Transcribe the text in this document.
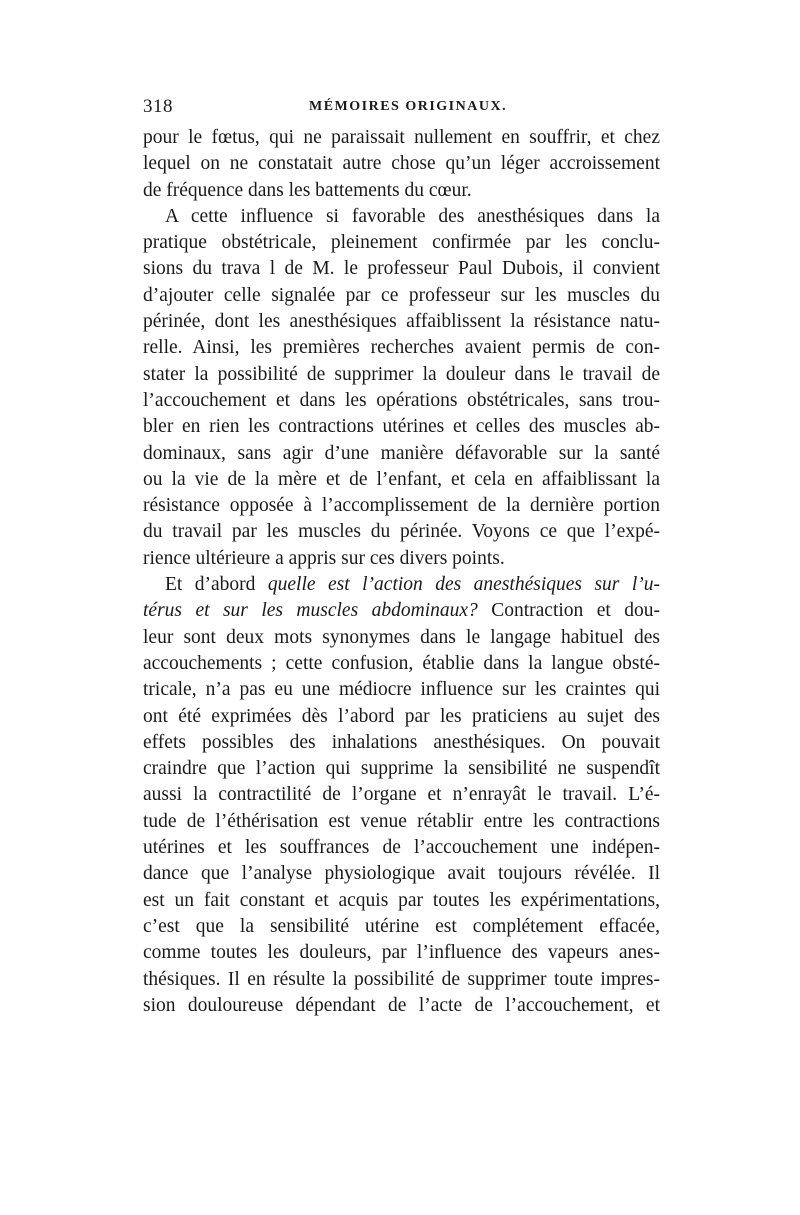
318	MÉMOIRES ORIGINAUX.
pour le fœtus, qui ne paraissait nullement en souffrir, et chez
lequel on ne constatait autre chose qu’un léger accroissement
de fréquence dans les battements du cœur.
A cette influence si favorable des anesthésiques dans la
pratique obstétricale, pleinement confirmée par les conclu-
sions du trava l de M. le professeur Paul Dubois, il convient
d’ajouter celle signalée par ce professeur sur les muscles du
périnée, dont les anesthésiques affaiblissent la résistance natu-
relle. Ainsi, les premières recherches avaient permis de con-
stater la possibilité de supprimer la douleur dans le travail de
l’accouchement et dans les opérations obstétricales, sans trou-
bler en rien les contractions utérines et celles des muscles ab-
dominaux, sans agir d’une manière défavorable sur la santé
ou la vie de la mère et de l’enfant, et cela en affaiblissant la
résistance opposée à l’accomplissement de la dernière portion
du travail par les muscles du périnée. Voyons ce que l’expé-
rience ultérieure a appris sur ces divers points.
Et d’abord quelle est l’action des anesthésiques sur l’u-
térus et sur les muscles abdominaux? Contraction et dou-
leur sont deux mots synonymes dans le langage habituel des
accouchements ; cette confusion, établie dans la langue obsté-
tricale, n’a pas eu une médiocre influence sur les craintes qui
ont été exprimées dès l’abord par les praticiens au sujet des
effets possibles des inhalations anesthésiques. On pouvait
craindre que l’action qui supprime la sensibilité ne suspendît
aussi la contractilité de l’organe et n’enrayât le travail. L’é-
tude de l’éthérisation est venue rétablir entre les contractions
utérines et les souffrances de l’accouchement une indépen-
dance que l’analyse physiologique avait toujours révélée. Il
est un fait constant et acquis par toutes les expérimentations,
c’est que la sensibilité utérine est complétement effacée,
comme toutes les douleurs, par l’influence des vapeurs anes-
thésiques. Il en résulte la possibilité de supprimer toute impres-
sion douloureuse dépendant de l’acte de l’accouchement, et
